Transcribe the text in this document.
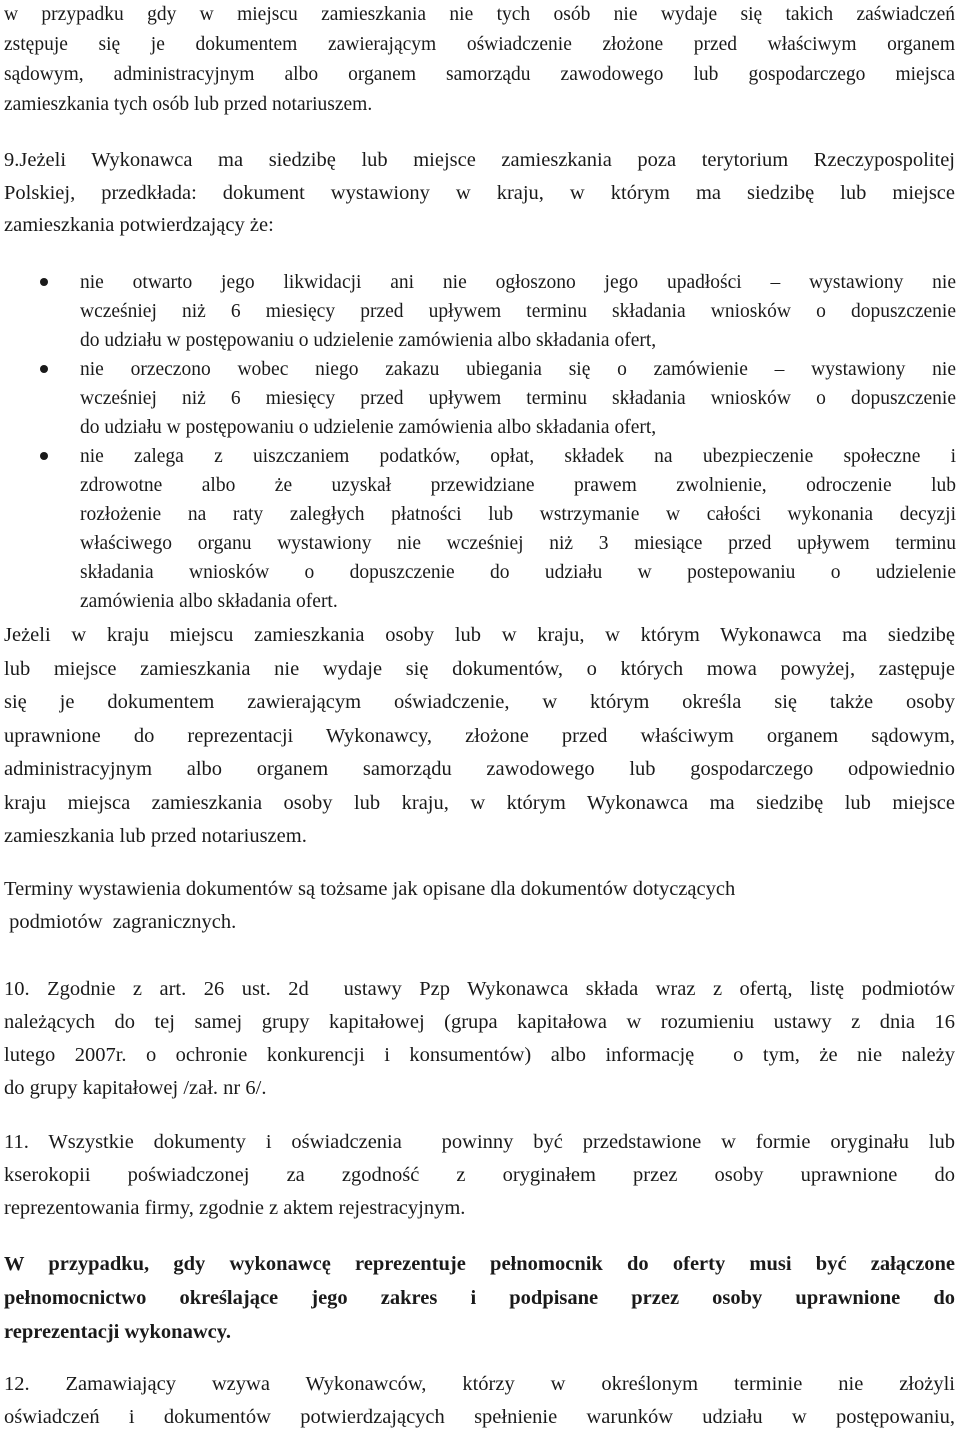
w przypadku gdy w miejscu zamieszkania nie tych osób nie wydaje się takich zaświadczeń
zstępuje się je dokumentem zawierającym oświadczenie złożone przed właściwym organem
sądowym, administracyjnym albo organem samorządu zawodowego lub gospodarczego miejsca
zamieszkania tych osób lub przed notariuszem.
9.Jeżeli Wykonawca ma siedzibę lub miejsce zamieszkania poza terytorium Rzeczypospolitej
Polskiej, przedkłada: dokument wystawiony w kraju, w którym ma siedzibę lub miejsce
zamieszkania potwierdzający że:
nie otwarto jego likwidacji ani nie ogłoszono jego upadłości – wystawiony nie
wcześniej niż 6 miesięcy przed upływem terminu składania wniosków o dopuszczenie
do udziału w postępowaniu o udzielenie zamówienia albo składania ofert,
nie orzeczono wobec niego zakazu ubiegania się o zamówienie – wystawiony nie
wcześniej niż 6 miesięcy przed upływem terminu składania wniosków o dopuszczenie
do udziału w postępowaniu o udzielenie zamówienia albo składania ofert,
nie zalega z uiszczaniem podatków, opłat, składek na ubezpieczenie społeczne i
zdrowotne albo że uzyskał przewidziane prawem zwolnienie, odroczenie lub
rozłożenie na raty zaległych płatności lub wstrzymanie w całości wykonania decyzji
właściwego organu wystawiony nie wcześniej niż 3 miesiące przed upływem terminu
składania wniosków o dopuszczenie do udziału w postepowaniu o udzielenie
zamówienia albo składania ofert.
Jeżeli w kraju miejscu zamieszkania osoby lub w kraju, w którym Wykonawca ma siedzibę
lub miejsce zamieszkania nie wydaje się dokumentów, o których mowa powyżej, zastępuje
się je dokumentem zawierającym oświadczenie, w którym określa się także osoby
uprawnione do reprezentacji Wykonawcy, złożone przed właściwym organem sądowym,
administracyjnym albo organem samorządu zawodowego lub gospodarczego odpowiednio
kraju miejsca zamieszkania osoby lub kraju, w którym Wykonawca ma siedzibę lub miejsce
zamieszkania lub przed notariuszem.
Terminy wystawienia dokumentów są tożsame jak opisane dla dokumentów dotyczących
podmiotów  zagranicznych.
10. Zgodnie z art. 26 ust. 2d  ustawy Pzp Wykonawca składa wraz z ofertą, listę podmiotów
należących do tej samej grupy kapitałowej (grupa kapitałowa w rozumieniu ustawy z dnia 16
lutego 2007r. o ochronie konkurencji i konsumentów) albo informację  o tym, że nie należy
do grupy kapitałowej /zał. nr 6/.
11. Wszystkie dokumenty i oświadczenia  powinny być przedstawione w formie oryginału lub
kserokopii poświadczonej za zgodność z oryginałem przez osoby uprawnione do
reprezentowania firmy, zgodnie z aktem rejestracyjnym.
W przypadku, gdy wykonawcę reprezentuje pełnomocnik do oferty musi być załączone
pełnomocnictwo określające jego zakres i podpisane przez osoby uprawnione do
reprezentacji wykonawcy.
12. Zamawiający wzywa Wykonawców, którzy w określonym terminie nie złożyli
oświadczeń i dokumentów potwierdzających spełnienie warunków udziału w postępowaniu,
